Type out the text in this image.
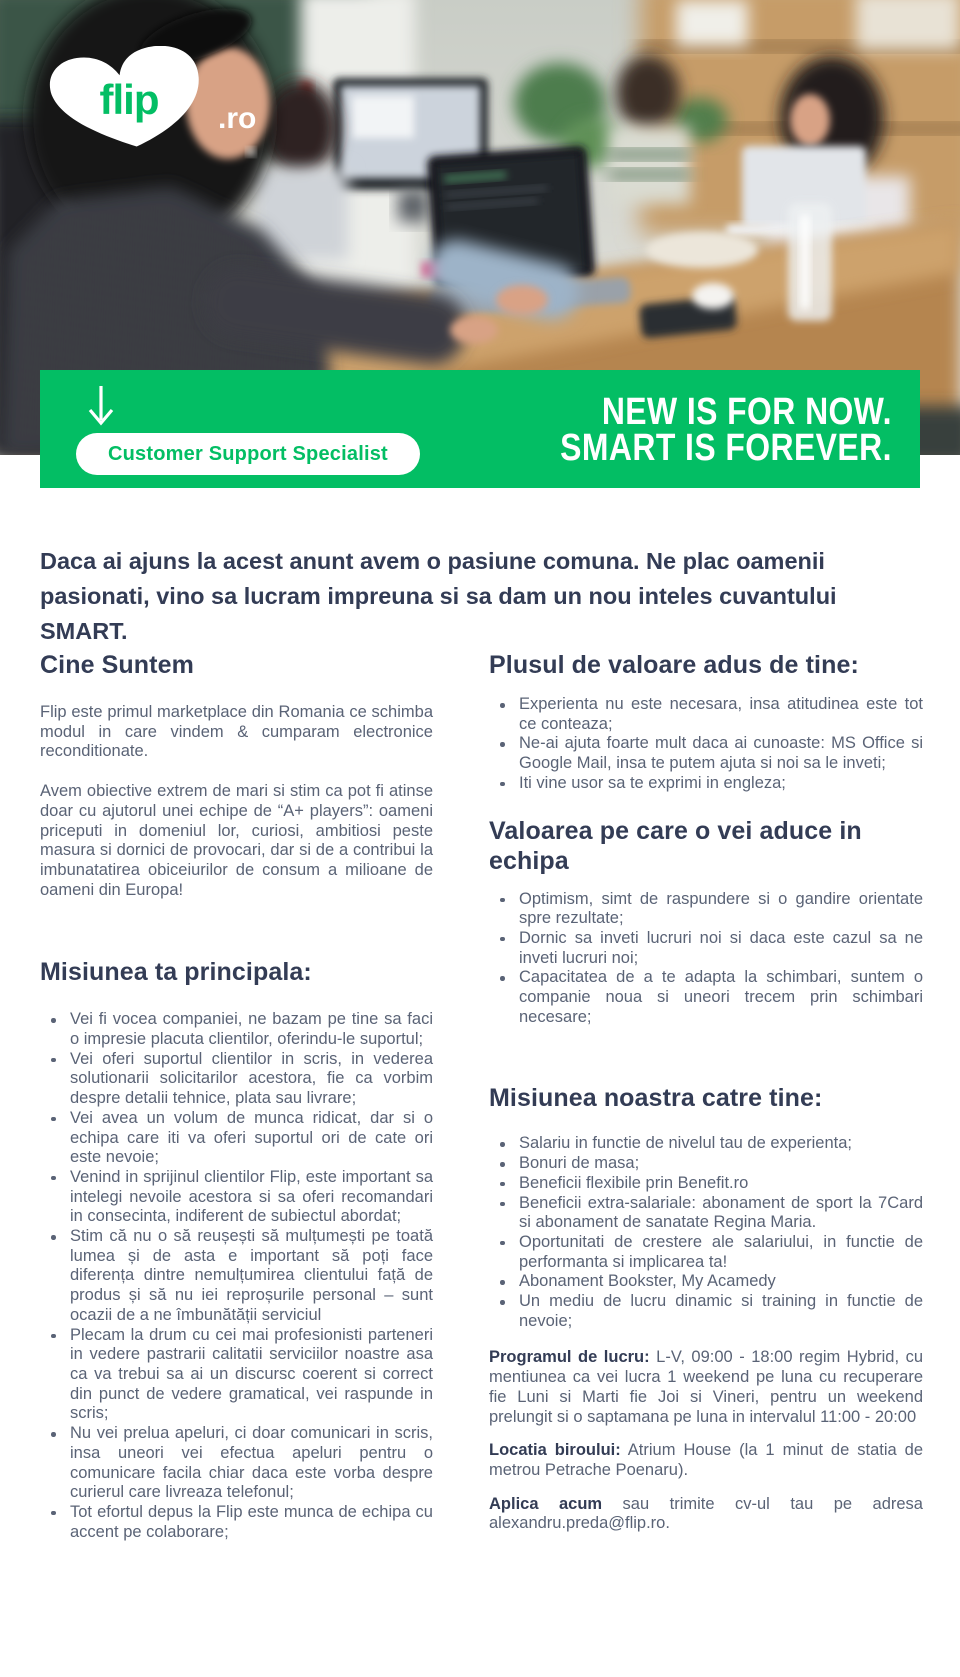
flip	.ro
Customer Support Specialist
NEW IS FOR NOW.
SMART IS FOREVER.

Daca ai ajuns la acest anunt avem o pasiune comuna. Ne plac oamenii pasionati, vino sa lucram impreuna si sa dam un nou inteles cuvantului SMART.

Cine Suntem

Flip este primul marketplace din Romania ce schimba modul in care vindem & cumparam electronice reconditionate.

Avem obiective extrem de mari si stim ca pot fi atinse doar cu ajutorul unei echipe de “A+ players”: oameni priceputi in domeniul lor, curiosi, ambitiosi peste masura si dornici de provocari, dar si de a contribui la imbunatatirea obiceiurilor de consum a milioane de oameni din Europa!

Misiunea ta principala:
Vei fi vocea companiei, ne bazam pe tine sa faci o impresie placuta clientilor, oferindu-le suportul;
Vei oferi suportul clientilor in scris, in vederea solutionarii solicitarilor acestora, fie ca vorbim despre detalii tehnice, plata sau livrare;
Vei avea un volum de munca ridicat, dar si o echipa care iti va oferi suportul ori de cate ori este nevoie;
Venind in sprijinul clientilor Flip, este important sa intelegi nevoile acestora si sa oferi recomandari in consecinta, indiferent de subiectul abordat;
Stim că nu o să reușești să mulțumești pe toată lumea și de asta e important să poți face diferența dintre nemulțumirea clientului față de produs și să nu iei reproșurile personal – sunt ocazii de a ne îmbunătății serviciul
Plecam la drum cu cei mai profesionisti parteneri in vedere pastrarii calitatii serviciilor noastre asa ca va trebui sa ai un discursc coerent si correct din punct de vedere gramatical, vei raspunde in scris;
Nu vei prelua apeluri, ci doar comunicari in scris, insa uneori vei efectua apeluri pentru o comunicare facila chiar daca este vorba despre curierul care livreaza telefonul;
Tot efortul depus la Flip este munca de echipa cu accent pe colaborare;
Plusul de valoare adus de tine:
Experienta nu este necesara, insa atitudinea este tot ce conteaza;
Ne-ai ajuta foarte mult daca ai cunoaste: MS Office si Google Mail, insa te putem ajuta si noi sa le inveti;
Iti vine usor sa te exprimi in engleza;
Valoarea pe care o vei aduce in echipa
Optimism, simt de raspundere si o gandire orientate spre rezultate;
Dornic sa inveti lucruri noi si daca este cazul sa ne inveti lucruri noi;
Capacitatea de a te adapta la schimbari, suntem o companie noua si uneori trecem prin schimbari necesare;
Misiunea noastra catre tine:
Salariu in functie de nivelul tau de experienta;
Bonuri de masa;
Beneficii flexibile prin Benefit.ro
Beneficii extra-salariale: abonament de sport la 7Card si abonament de sanatate Regina Maria.
Oportunitati de crestere ale salariului, in functie de performanta si implicarea ta!
Abonament Bookster, My Acamedy
Un mediu de lucru dinamic si training in functie de nevoie;

Programul de lucru: L-V, 09:00 - 18:00 regim Hybrid, cu mentiunea ca vei lucra 1 weekend pe luna cu recuperare fie Luni si Marti fie Joi si Vineri, pentru un weekend prelungit si o saptamana pe luna in intervalul 11:00 - 20:00

Locatia biroului: Atrium House (la 1 minut de statia de metrou Petrache Poenaru).

Aplica acum sau trimite cv-ul tau pe adresa alexandru.preda@flip.ro.
